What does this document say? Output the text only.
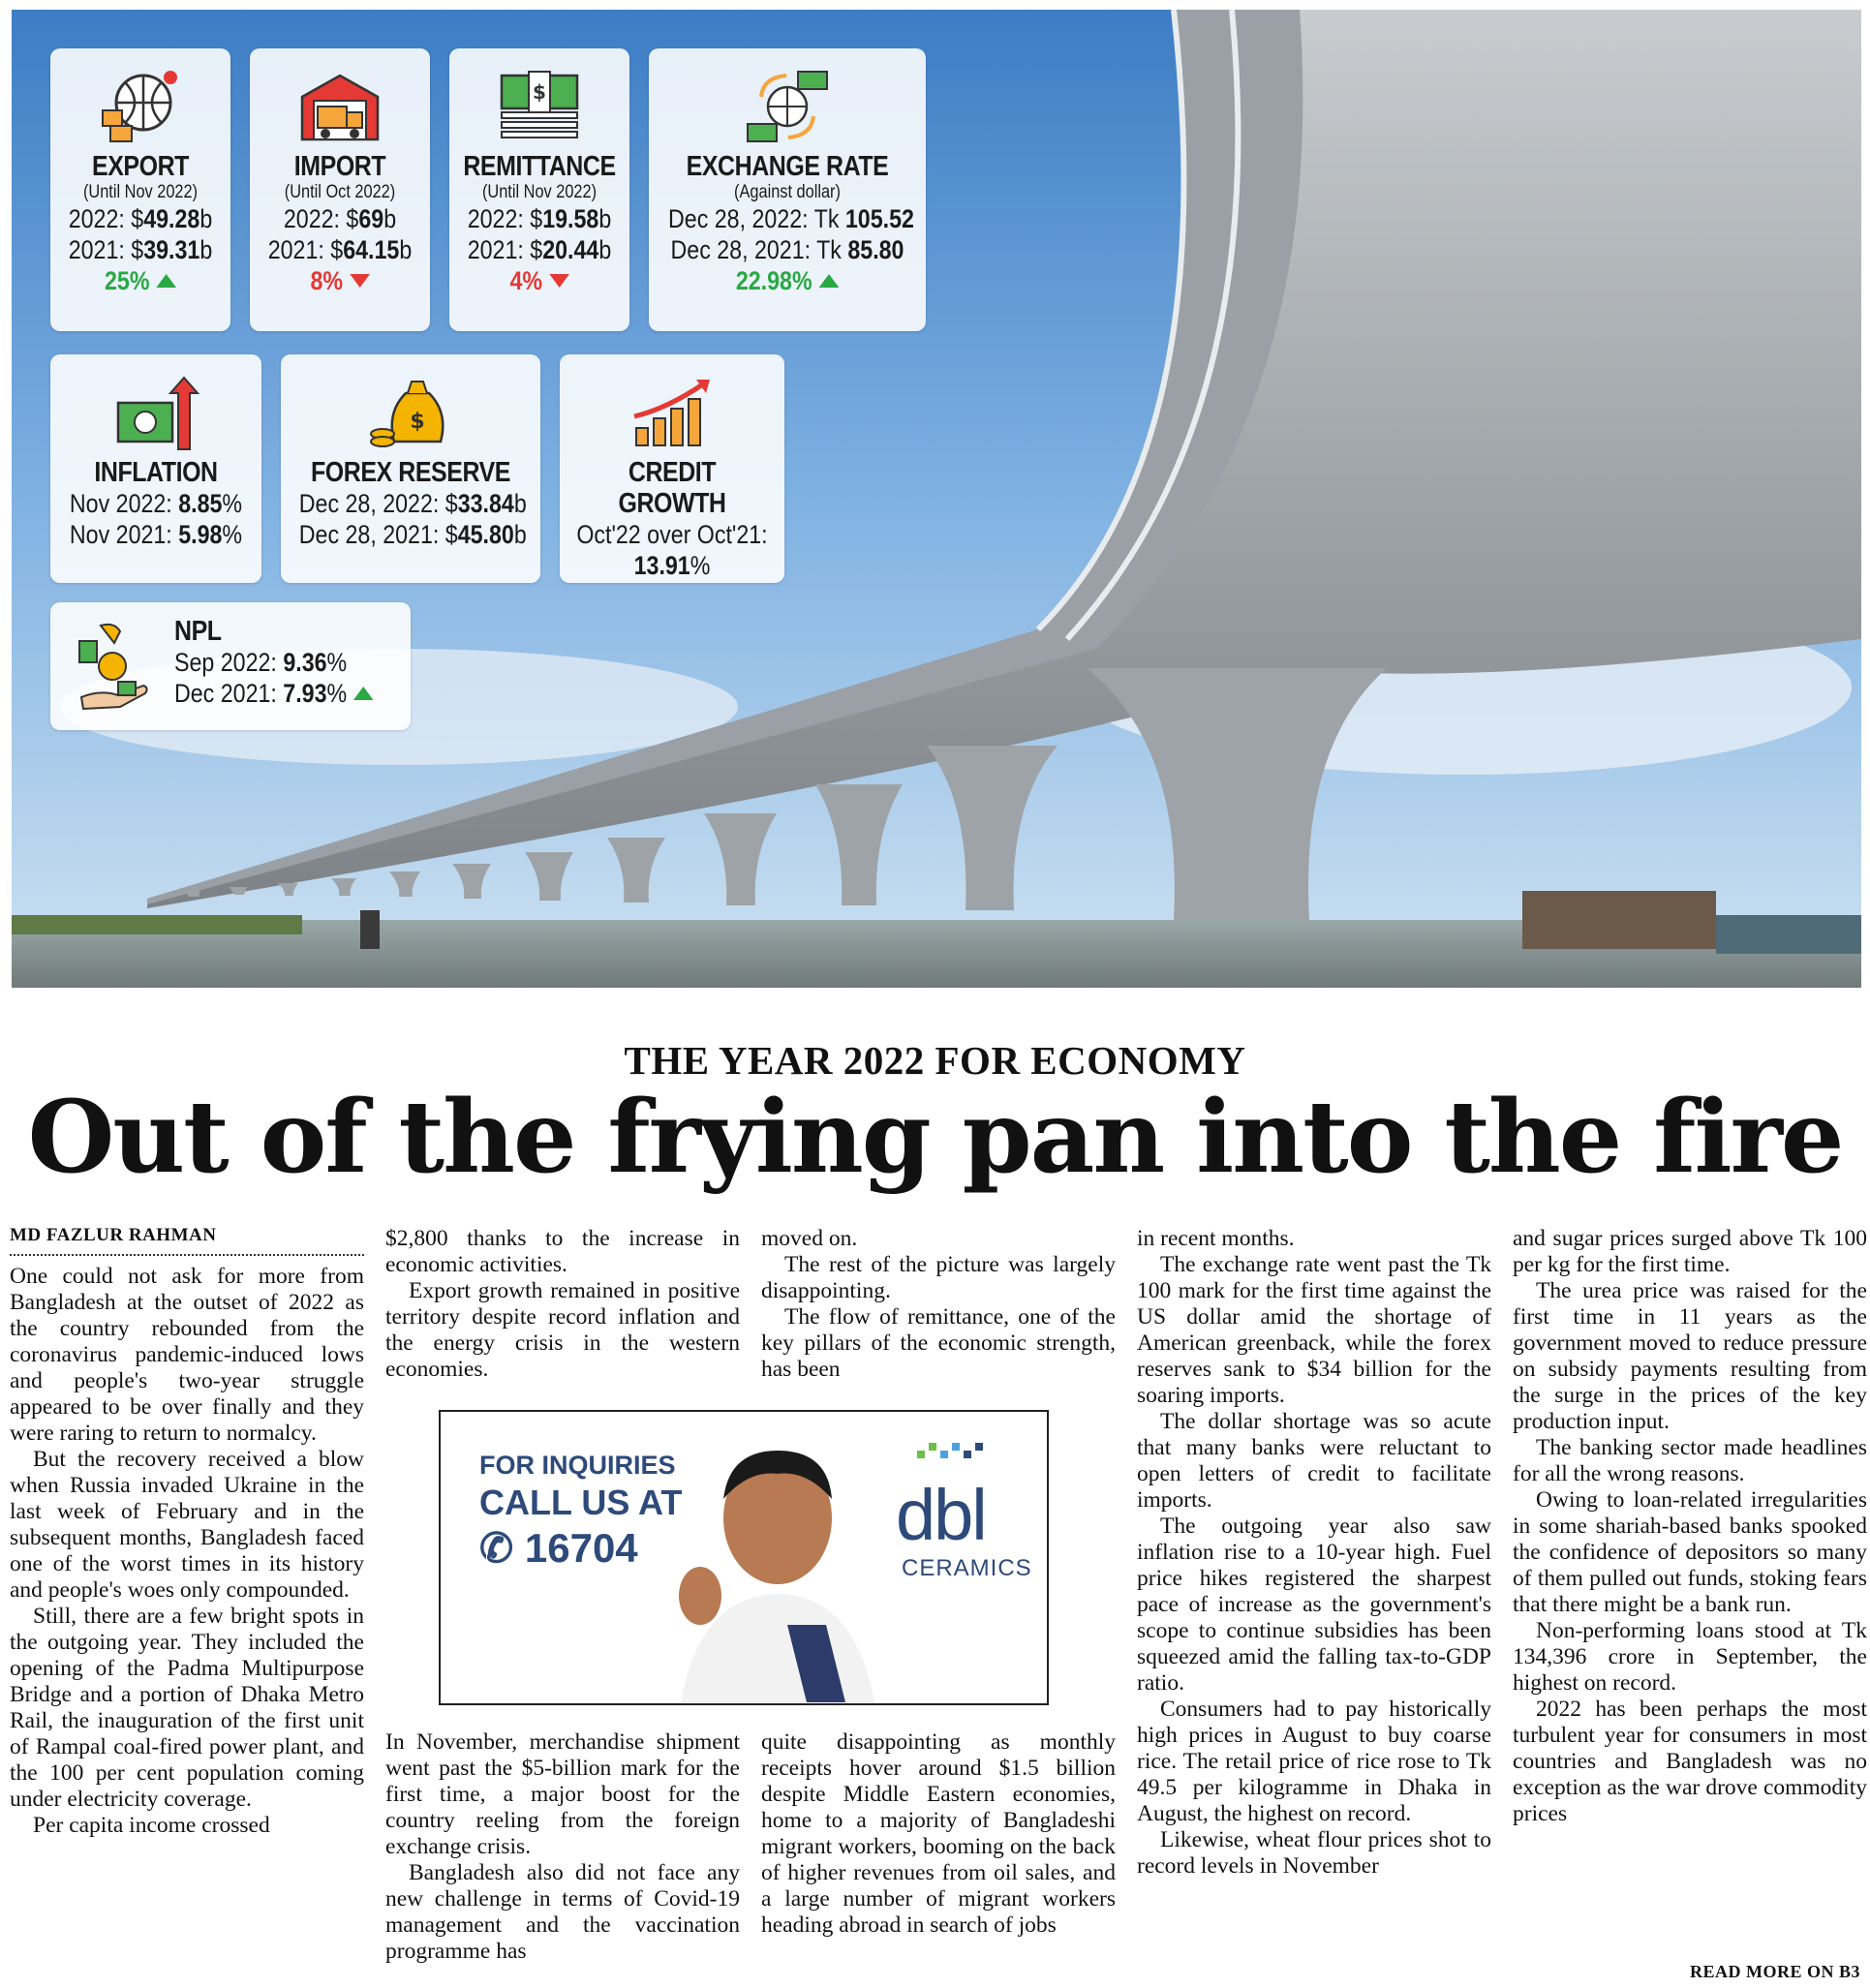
EXPORT
(Until Nov 2022)
2022: $49.28b
2021: $39.31b
25%
IMPORT
(Until Oct 2022)
2022: $69b
2021: $64.15b
8%
$
REMITTANCE
(Until Nov 2022)
2022: $19.58b
2021: $20.44b
4%
EXCHANGE RATE
(Against dollar)
Dec 28, 2022: Tk 105.52
Dec 28, 2021: Tk 85.80
22.98%
INFLATION
Nov 2022: 8.85%
Nov 2021: 5.98%
$
FOREX RESERVE
Dec 28, 2022: $33.84b
Dec 28, 2021: $45.80b
CREDIT GROWTH
Oct'22 over Oct'21:
13.91%
NPL
Sep 2022: 9.36%
Dec 2021: 7.93%
THE YEAR 2022 FOR ECONOMY
Out of the frying pan into the fire
MD FAZLUR RAHMAN

One could not ask for more from Bangladesh at the outset of 2022 as the country rebounded from the coronavirus pandemic-induced lows and people's two-year struggle appeared to be over finally and they were raring to return to normalcy.

But the recovery received a blow when Russia invaded Ukraine in the last week of February and in the subsequent months, Bangladesh faced one of the worst times in its history and people's woes only compounded.

Still, there are a few bright spots in the outgoing year. They included the opening of the Padma Multipurpose Bridge and a portion of Dhaka Metro Rail, the inauguration of the first unit of Rampal coal-fired power plant, and the 100 per cent population coming under electricity coverage.

Per capita income crossed

$2,800 thanks to the increase in economic activities.

Export growth remained in positive territory despite record inflation and the energy crisis in the western economies.

moved on.

The rest of the picture was largely disappointing.

The flow of remittance, one of the key pillars of the economic strength, has been

FOR INQUIRIES
CALL US AT
✆ 16704	dbl
CERAMICS

In November, merchandise shipment went past the $5-billion mark for the first time, a major boost for the country reeling from the foreign exchange crisis.

Bangladesh also did not face any new challenge in terms of Covid-19 management and the vaccination programme has

quite disappointing as monthly receipts hover around $1.5 billion despite Middle Eastern economies, home to a majority of Bangladeshi migrant workers, booming on the back of higher revenues from oil sales, and a large number of migrant workers heading abroad in search of jobs

in recent months.

The exchange rate went past the Tk 100 mark for the first time against the US dollar amid the shortage of American greenback, while the forex reserves sank to $34 billion for the soaring imports.

The dollar shortage was so acute that many banks were reluctant to open letters of credit to facilitate imports.

The outgoing year also saw inflation rise to a 10-year high. Fuel price hikes registered the sharpest pace of increase as the government's scope to continue subsidies has been squeezed amid the falling tax-to-GDP ratio.

Consumers had to pay historically high prices in August to buy coarse rice. The retail price of rice rose to Tk 49.5 per kilogramme in Dhaka in August, the highest on record.

Likewise, wheat flour prices shot to record levels in November

and sugar prices surged above Tk 100 per kg for the first time.

The urea price was raised for the first time in 11 years as the government moved to reduce pressure on subsidy payments resulting from the surge in the prices of the key production input.

The banking sector made headlines for all the wrong reasons.

Owing to loan-related irregularities in some shariah-based banks spooked the confidence of depositors so many of them pulled out funds, stoking fears that there might be a bank run.

Non-performing loans stood at Tk 134,396 crore in September, the highest on record.

2022 has been perhaps the most turbulent year for consumers in most countries and Bangladesh was no exception as the war drove commodity prices

READ MORE ON B3
